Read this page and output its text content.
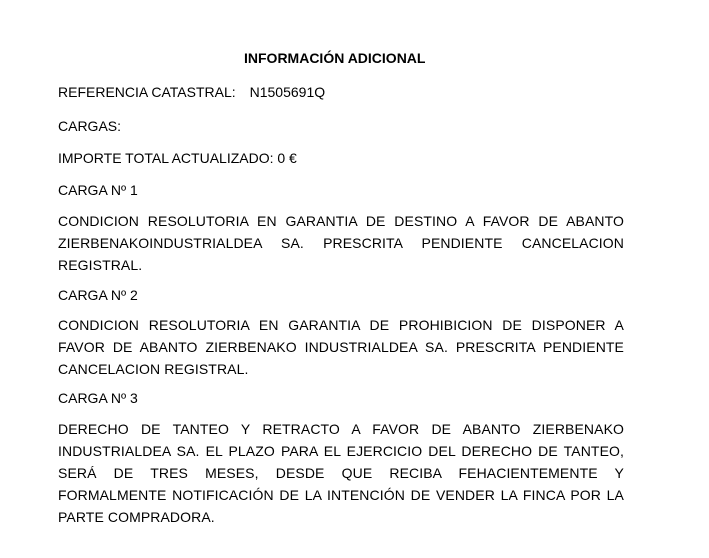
INFORMACIÓN ADICIONAL
REFERENCIA CATASTRAL: N1505691Q
CARGAS:
IMPORTE TOTAL ACTUALIZADO: 0 €
CARGA Nº 1
CONDICION RESOLUTORIA EN GARANTIA DE DESTINO A FAVOR DE ABANTO ZIERBENAKOINDUSTRIALDEA SA. PRESCRITA PENDIENTE CANCELACION REGISTRAL.
CARGA Nº 2
CONDICION RESOLUTORIA EN GARANTIA DE PROHIBICION DE DISPONER A FAVOR DE ABANTO ZIERBENAKO INDUSTRIALDEA SA. PRESCRITA PENDIENTE CANCELACION REGISTRAL.
CARGA Nº 3
DERECHO DE TANTEO Y RETRACTO A FAVOR DE ABANTO ZIERBENAKO INDUSTRIALDEA SA. EL PLAZO PARA EL EJERCICIO DEL DERECHO DE TANTEO, SERÁ DE TRES MESES, DESDE QUE RECIBA FEHACIENTEMENTE Y FORMALMENTE NOTIFICACIÓN DE LA INTENCIÓN DE VENDER LA FINCA POR LA PARTE COMPRADORA.
